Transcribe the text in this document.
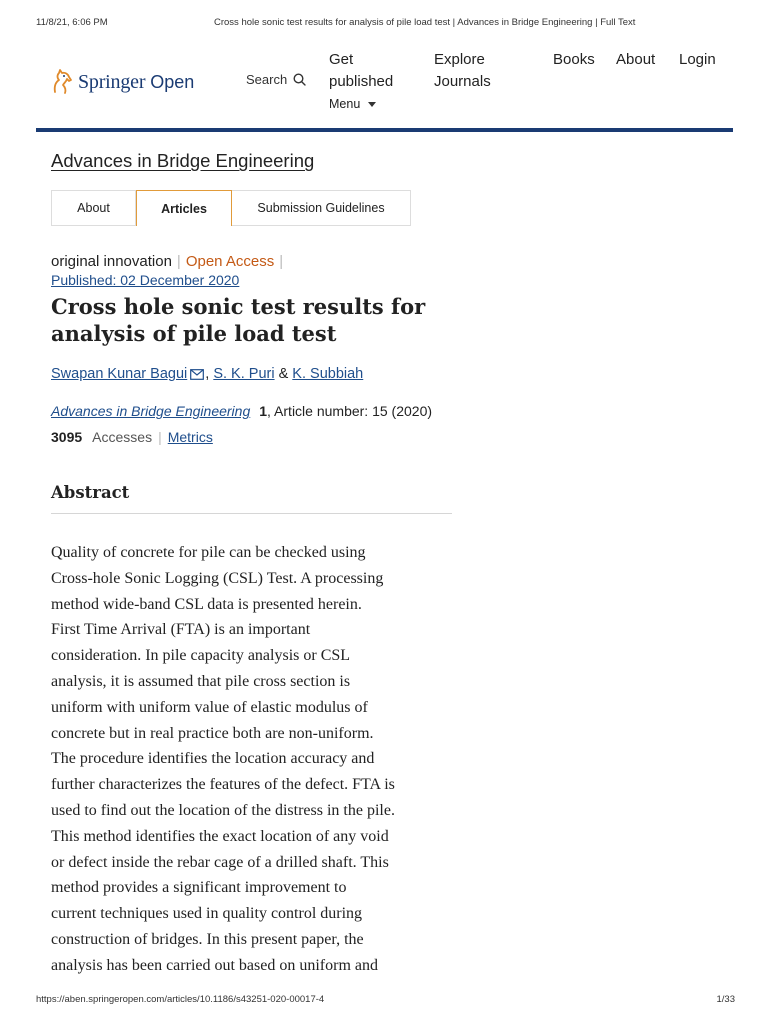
11/8/21, 6:06 PM	Cross hole sonic test results for analysis of pile load test | Advances in Bridge Engineering | Full Text
Springer Open	Search
Get
published
Explore
Journals
Books About Login
Menu
Advances in Bridge Engineering
About	Articles	Submission Guidelines
original innovation | Open Access |
Published: 02 December 2020
Cross hole sonic test results for
analysis of pile load test
Swapan Kunar Bagui ,
S. K. Puri
&
K. Subbiah
Advances in Bridge Engineering 1, Article number: 15 (2020)
3095 Accesses | Metrics
Abstract
Quality of concrete for pile can be checked using
Cross-hole Sonic Logging (CSL) Test. A processing
method wide-band CSL data is presented herein.
First Time Arrival (FTA) is an important
consideration. In pile capacity analysis or CSL
analysis, it is assumed that pile cross section is
uniform with uniform value of elastic modulus of
concrete but in real practice both are non-uniform.
The procedure identifies the location accuracy and
further characterizes the features of the defect. FTA is
used to find out the location of the distress in the pile.
This method identifies the exact location of any void
or defect inside the rebar cage of a drilled shaft. This
method provides a significant improvement to
current techniques used in quality control during
construction of bridges. In this present paper, the
analysis has been carried out based on uniform and
https://aben.springeropen.com/articles/10.1186/s43251-020-00017-4	1/33
